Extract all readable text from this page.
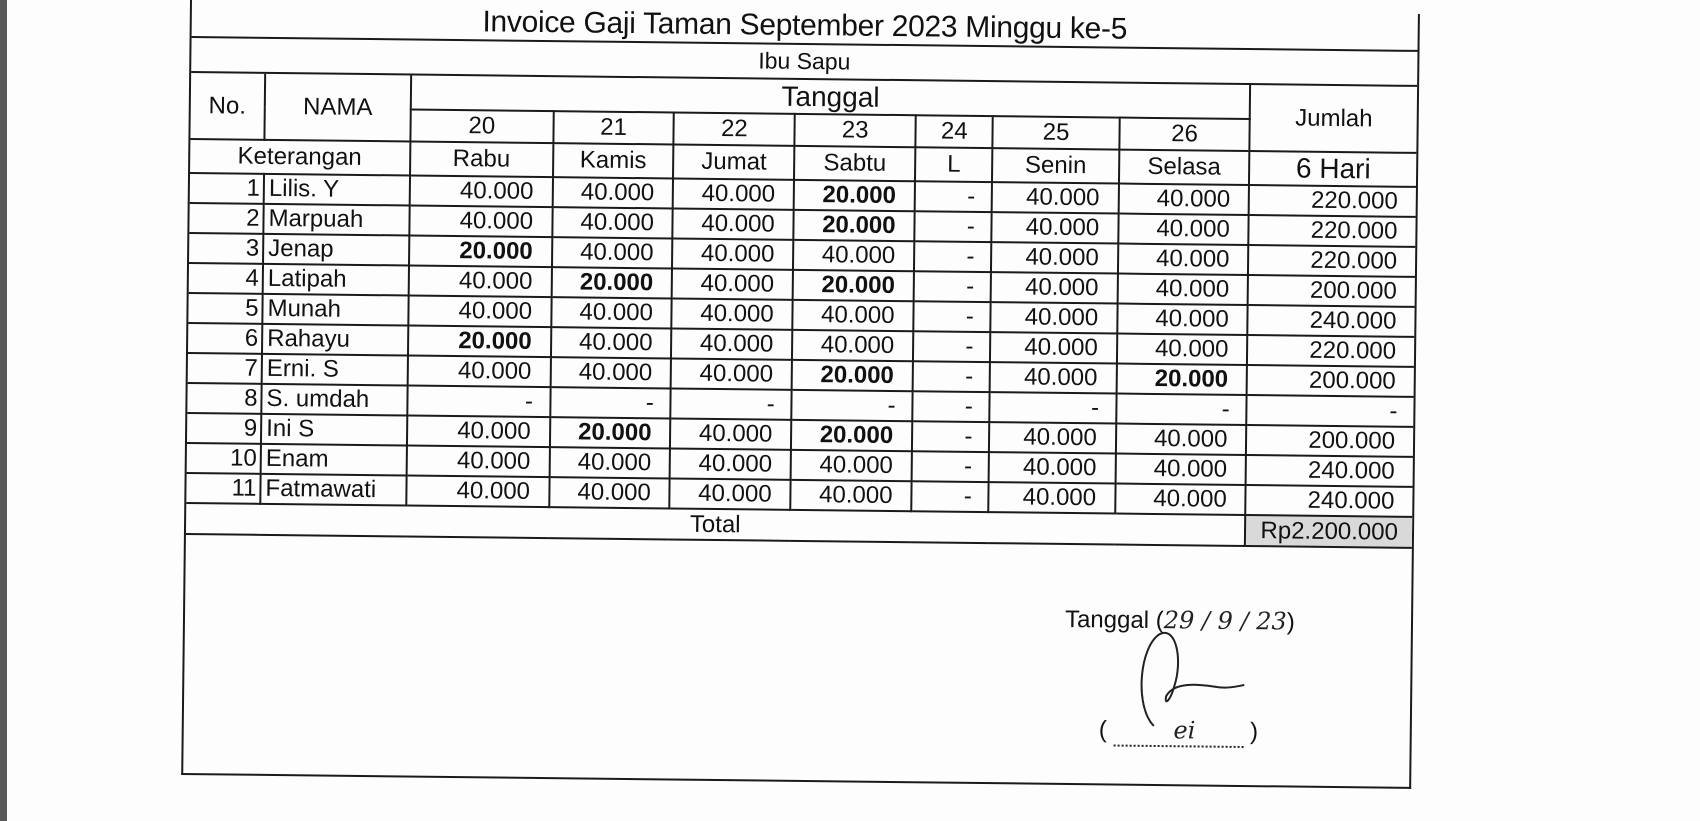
Invoice Gaji Taman September 2023 Minggu ke-5
Ibu Sapu
No.	NAMA	Tanggal							Jumlah
		20	21	22	23	24	25	26	
Keterangan		Rabu	Kamis	Jumat	Sabtu	L	Senin	Selasa	6 Hari
1	Lilis. Y	40.000	40.000	40.000	20.000	-	40.000	40.000	220.000
2	Marpuah	40.000	40.000	40.000	20.000	-	40.000	40.000	220.000
3	Jenap	20.000	40.000	40.000	40.000	-	40.000	40.000	220.000
4	Latipah	40.000	20.000	40.000	20.000	-	40.000	40.000	200.000
5	Munah	40.000	40.000	40.000	40.000	-	40.000	40.000	240.000
6	Rahayu	20.000	40.000	40.000	40.000	-	40.000	40.000	220.000
7	Erni. S	40.000	40.000	40.000	20.000	-	40.000	20.000	200.000
8	S. umdah	-	-	-	-	-	-	-	-
9	Ini S	40.000	20.000	40.000	20.000	-	40.000	40.000	200.000
10	Enam	40.000	40.000	40.000	40.000	-	40.000	40.000	240.000
11	Fatmawati	40.000	40.000	40.000	40.000	-	40.000	40.000	240.000
Total									Rp2.200.000
Tanggal (29 / 9 / 23)
(	ei )
